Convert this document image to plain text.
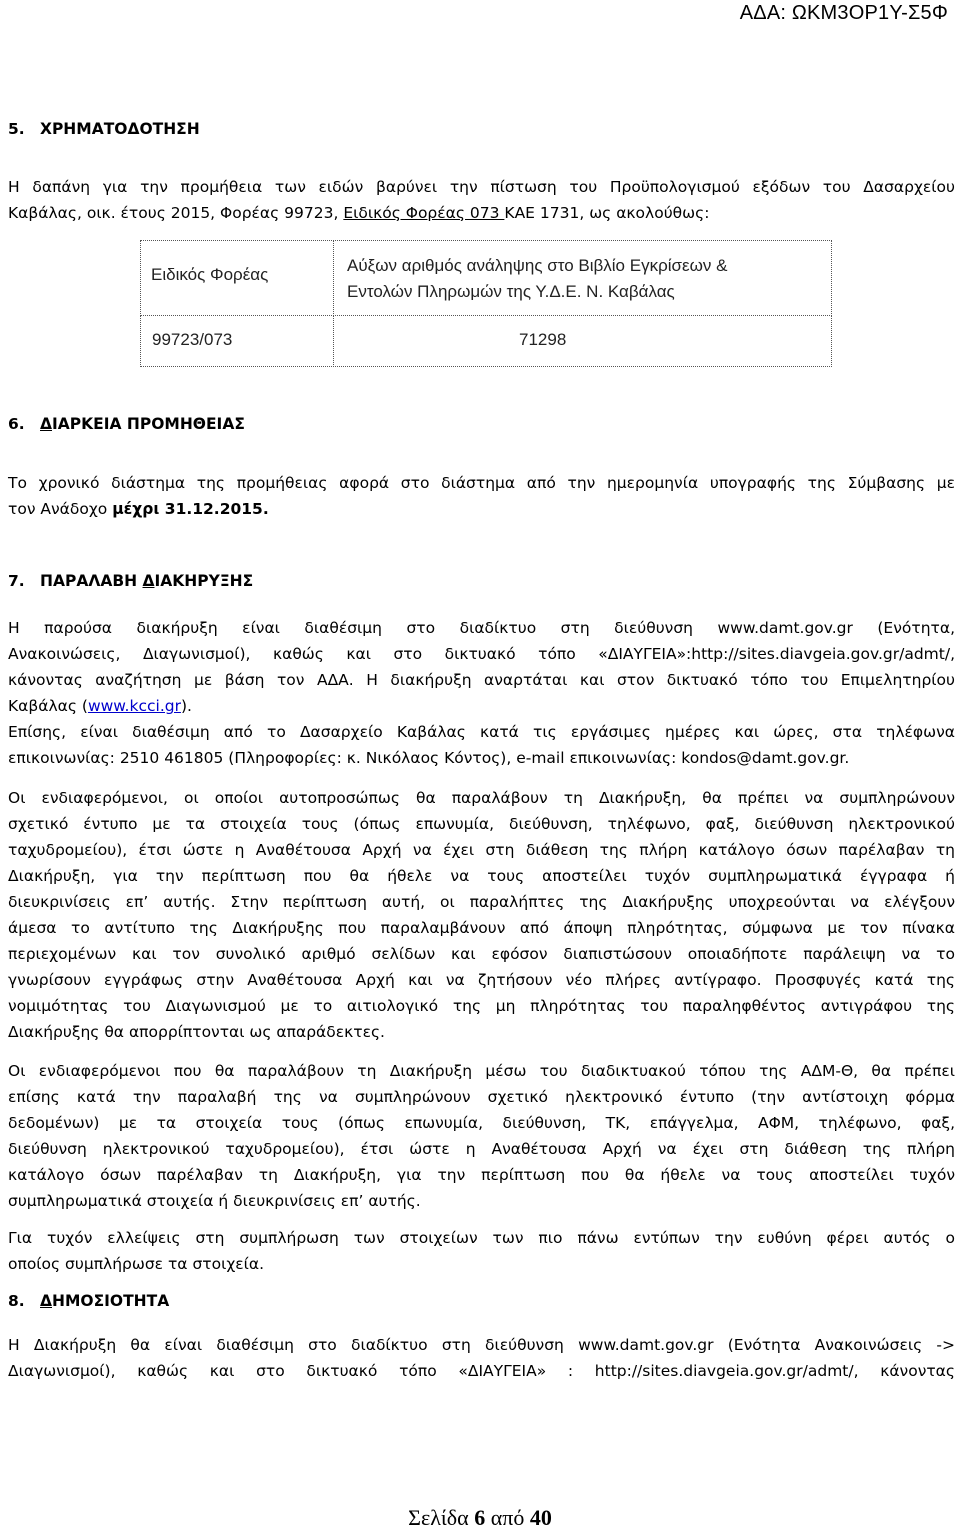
ΑΔΑ: ΩΚΜ3ΟΡ1Υ-Σ5Φ
5. ΧΡΗΜΑΤΟΔΟΤΗΣΗ
Η δαπάνη για την προμήθεια των ειδών βαρύνει την πίστωση του Προϋπολογισμού εξόδων του Δασαρχείου
Καβάλας, οικ. έτους 2015, Φορέας 99723, Ειδικός Φορέας 073 ΚΑΕ 1731, ως ακολούθως:
Ειδικός Φορέας	Αύξων αριθμός ανάληψης στο Βιβλίο Εγκρίσεων &
Εντολών Πληρωμών της Υ.Δ.Ε. Ν. Καβάλας
99723/073	71298
6. ΔΙΑΡΚΕΙΑ ΠΡΟΜΗΘΕΙΑΣ
Το χρονικό διάστημα της προμήθειας αφορά στο διάστημα από την ημερομηνία υπογραφής της Σύμβασης με
τον Ανάδοχο μέχρι 31.12.2015.
7. ΠΑΡΑΛΑΒΗ ΔΙΑΚΗΡΥΞΗΣ
Η παρούσα διακήρυξη είναι διαθέσιμη στο διαδίκτυο στη διεύθυνση www.damt.gov.gr (Ενότητα,
Ανακοινώσεις, Διαγωνισμοί), καθώς και στο δικτυακό τόπο «ΔΙΑΥΓΕΙΑ»:http://sites.diavgeia.gov.gr/admt/,
κάνοντας αναζήτηση με βάση τον ΑΔΑ. Η διακήρυξη αναρτάται και στον δικτυακό τόπο του Επιμελητηρίου
Καβάλας (www.kcci.gr).
Επίσης, είναι διαθέσιμη από το Δασαρχείο Καβάλας κατά τις εργάσιμες ημέρες και ώρες, στα τηλέφωνα
επικοινωνίας: 2510 461805 (Πληροφορίες: κ. Νικόλαος Κόντος), e-mail επικοινωνίας: kondos@damt.gov.gr.
Οι ενδιαφερόμενοι, οι οποίοι αυτοπροσώπως θα παραλάβουν τη Διακήρυξη, θα πρέπει να συμπληρώνουν
σχετικό έντυπο με τα στοιχεία τους (όπως επωνυμία, διεύθυνση, τηλέφωνο, φαξ, διεύθυνση ηλεκτρονικού
ταχυδρομείου), έτσι ώστε η Αναθέτουσα Αρχή να έχει στη διάθεση της πλήρη κατάλογο όσων παρέλαβαν τη
Διακήρυξη, για την περίπτωση που θα ήθελε να τους αποστείλει τυχόν συμπληρωματικά έγγραφα ή
διευκρινίσεις επ’ αυτής. Στην περίπτωση αυτή, οι παραλήπτες της Διακήρυξης υποχρεούνται να ελέγξουν
άμεσα το αντίτυπο της Διακήρυξης που παραλαμβάνουν από άποψη πληρότητας, σύμφωνα με τον πίνακα
περιεχομένων και τον συνολικό αριθμό σελίδων και εφόσον διαπιστώσουν οποιαδήποτε παράλειψη να το
γνωρίσουν εγγράφως στην Αναθέτουσα Αρχή και να ζητήσουν νέο πλήρες αντίγραφο. Προσφυγές κατά της
νομιμότητας του Διαγωνισμού με το αιτιολογικό της μη πληρότητας του παραληφθέντος αντιγράφου της
Διακήρυξης θα απορρίπτονται ως απαράδεκτες.
Οι ενδιαφερόμενοι που θα παραλάβουν τη Διακήρυξη μέσω του διαδικτυακού τόπου της ΑΔΜ-Θ, θα πρέπει
επίσης κατά την παραλαβή της να συμπληρώνουν σχετικό ηλεκτρονικό έντυπο (την αντίστοιχη φόρμα
δεδομένων) με τα στοιχεία τους (όπως επωνυμία, διεύθυνση, ΤΚ, επάγγελμα, ΑΦΜ, τηλέφωνο, φαξ,
διεύθυνση ηλεκτρονικού ταχυδρομείου), έτσι ώστε η Αναθέτουσα Αρχή να έχει στη διάθεση της πλήρη
κατάλογο όσων παρέλαβαν τη Διακήρυξη, για την περίπτωση που θα ήθελε να τους αποστείλει τυχόν
συμπληρωματικά στοιχεία ή διευκρινίσεις επ’ αυτής.
Για τυχόν ελλείψεις στη συμπλήρωση των στοιχείων των πιο πάνω εντύπων την ευθύνη φέρει αυτός ο
οποίος συμπλήρωσε τα στοιχεία.
8. ΔΗΜΟΣΙΟΤΗΤΑ
Η Διακήρυξη θα είναι διαθέσιμη στο διαδίκτυο στη διεύθυνση www.damt.gov.gr (Ενότητα Ανακοινώσεις ->
Διαγωνισμοί), καθώς και στο δικτυακό τόπο «ΔΙΑΥΓΕΙΑ» : http://sites.diavgeia.gov.gr/admt/, κάνοντας
Σελίδα 6 από 40
